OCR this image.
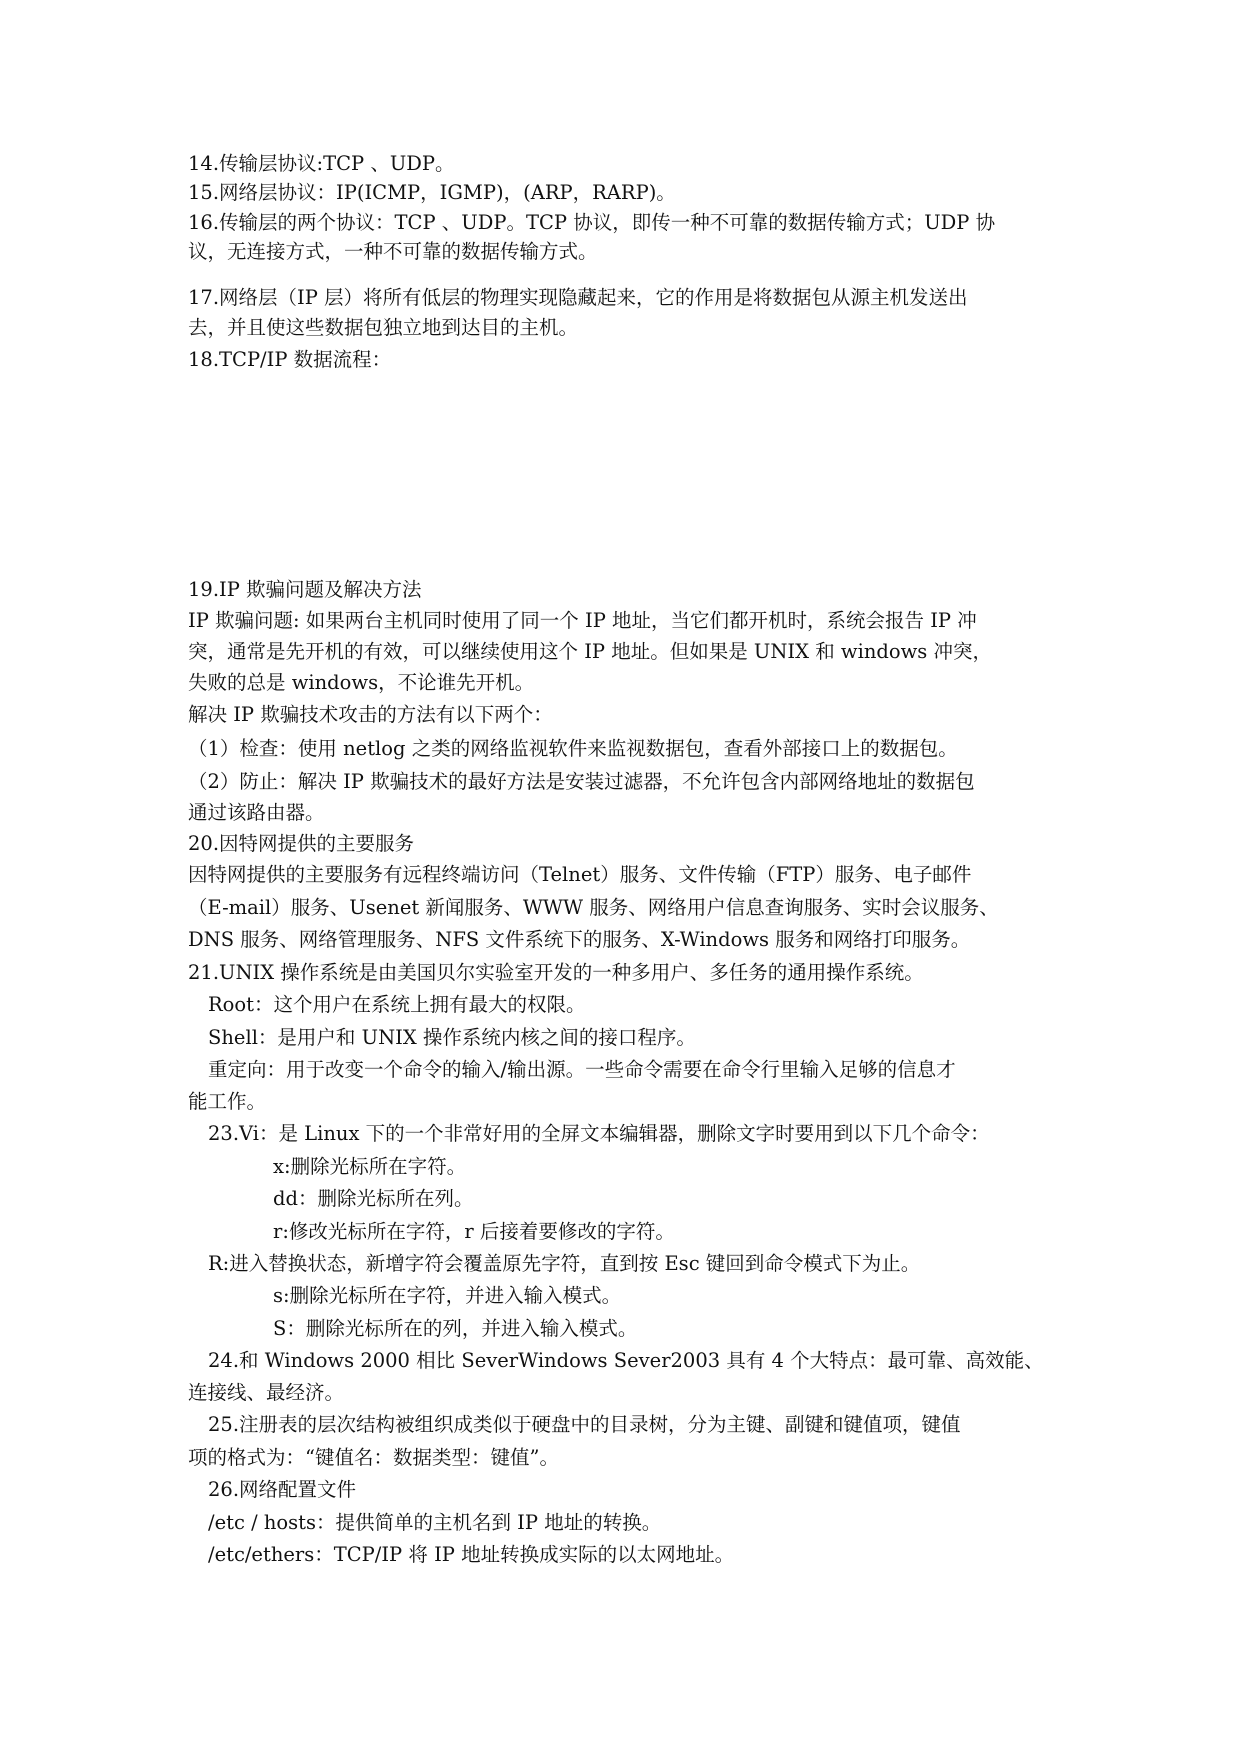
14.传输层协议:TCP 、UDP。

15.网络层协议：IP(ICMP，IGMP)，(ARP，RARP)。

16.传输层的两个协议：TCP 、UDP。TCP 协议，即传一种不可靠的数据传输方式；UDP 协

议，无连接方式，一种不可靠的数据传输方式。

17.网络层（IP 层）将所有低层的物理实现隐藏起来，它的作用是将数据包从源主机发送出

去，并且使这些数据包独立地到达目的主机。

18.TCP/IP 数据流程：

19.IP 欺骗问题及解决方法

IP 欺骗问题: 如果两台主机同时使用了同一个 IP 地址，当它们都开机时，系统会报告 IP 冲

突，通常是先开机的有效，可以继续使用这个 IP 地址。但如果是 UNIX 和 windows 冲突，

失败的总是 windows，不论谁先开机。

解决 IP 欺骗技术攻击的方法有以下两个：

（1）检查：使用 netlog 之类的网络监视软件来监视数据包，查看外部接口上的数据包。

（2）防止：解决 IP 欺骗技术的最好方法是安装过滤器，不允许包含内部网络地址的数据包

通过该路由器。

20.因特网提供的主要服务

因特网提供的主要服务有远程终端访问（Telnet）服务、文件传输（FTP）服务、电子邮件

（E-mail）服务、Usenet 新闻服务、WWW 服务、网络用户信息查询服务、实时会议服务、

DNS 服务、网络管理服务、NFS 文件系统下的服务、X-Windows 服务和网络打印服务。

21.UNIX 操作系统是由美国贝尔实验室开发的一种多用户、多任务的通用操作系统。

Root：这个用户在系统上拥有最大的权限。

Shell：是用户和 UNIX 操作系统内核之间的接口程序。

重定向：用于改变一个命令的输入/输出源。一些命令需要在命令行里输入足够的信息才

能工作。

23.Vi：是 Linux 下的一个非常好用的全屏文本编辑器，删除文字时要用到以下几个命令：

x:删除光标所在字符。

dd：删除光标所在列。

r:修改光标所在字符，r 后接着要修改的字符。

R:进入替换状态，新增字符会覆盖原先字符，直到按 Esc 键回到命令模式下为止。

s:删除光标所在字符，并进入输入模式。

S：删除光标所在的列，并进入输入模式。

24.和 Windows 2000 相比 SeverWindows Sever2003 具有 4 个大特点：最可靠、高效能、

连接线、最经济。

25.注册表的层次结构被组织成类似于硬盘中的目录树，分为主键、副键和键值项，键值

项的格式为：“键值名：数据类型：键值”。

26.网络配置文件

/etc / hosts：提供简单的主机名到 IP 地址的转换。

/etc/ethers：TCP/IP 将 IP 地址转换成实际的以太网地址。
